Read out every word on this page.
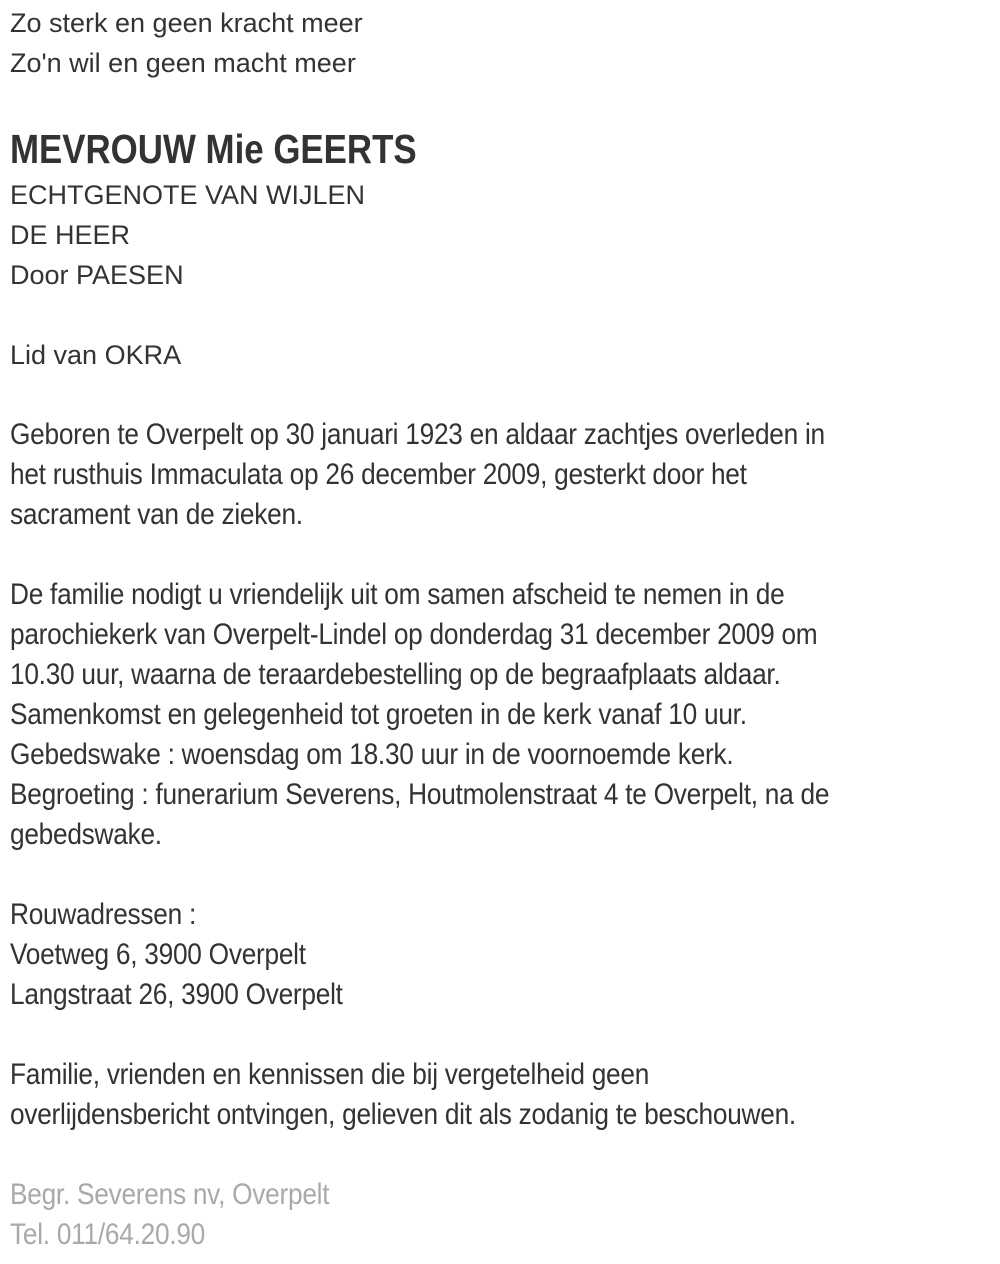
Zo sterk en geen kracht meer
Zo'n wil en geen macht meer
MEVROUW Mie GEERTS
ECHTGENOTE VAN WIJLEN
DE HEER
Door PAESEN
Lid van OKRA
Geboren te Overpelt op 30 januari 1923 en aldaar zachtjes overleden in
het rusthuis Immaculata op 26 december 2009, gesterkt door het
sacrament van de zieken.
De familie nodigt u vriendelijk uit om samen afscheid te nemen in de
parochiekerk van Overpelt-Lindel op donderdag 31 december 2009 om
10.30 uur, waarna de teraardebestelling op de begraafplaats aldaar.
Samenkomst en gelegenheid tot groeten in de kerk vanaf 10 uur.
Gebedswake : woensdag om 18.30 uur in de voornoemde kerk.
Begroeting : funerarium Severens, Houtmolenstraat 4 te Overpelt, na de
gebedswake.
Rouwadressen :
Voetweg 6, 3900 Overpelt
Langstraat 26, 3900 Overpelt
Familie, vrienden en kennissen die bij vergetelheid geen
overlijdensbericht ontvingen, gelieven dit als zodanig te beschouwen.
Begr. Severens nv, Overpelt
Tel. 011/64.20.90
